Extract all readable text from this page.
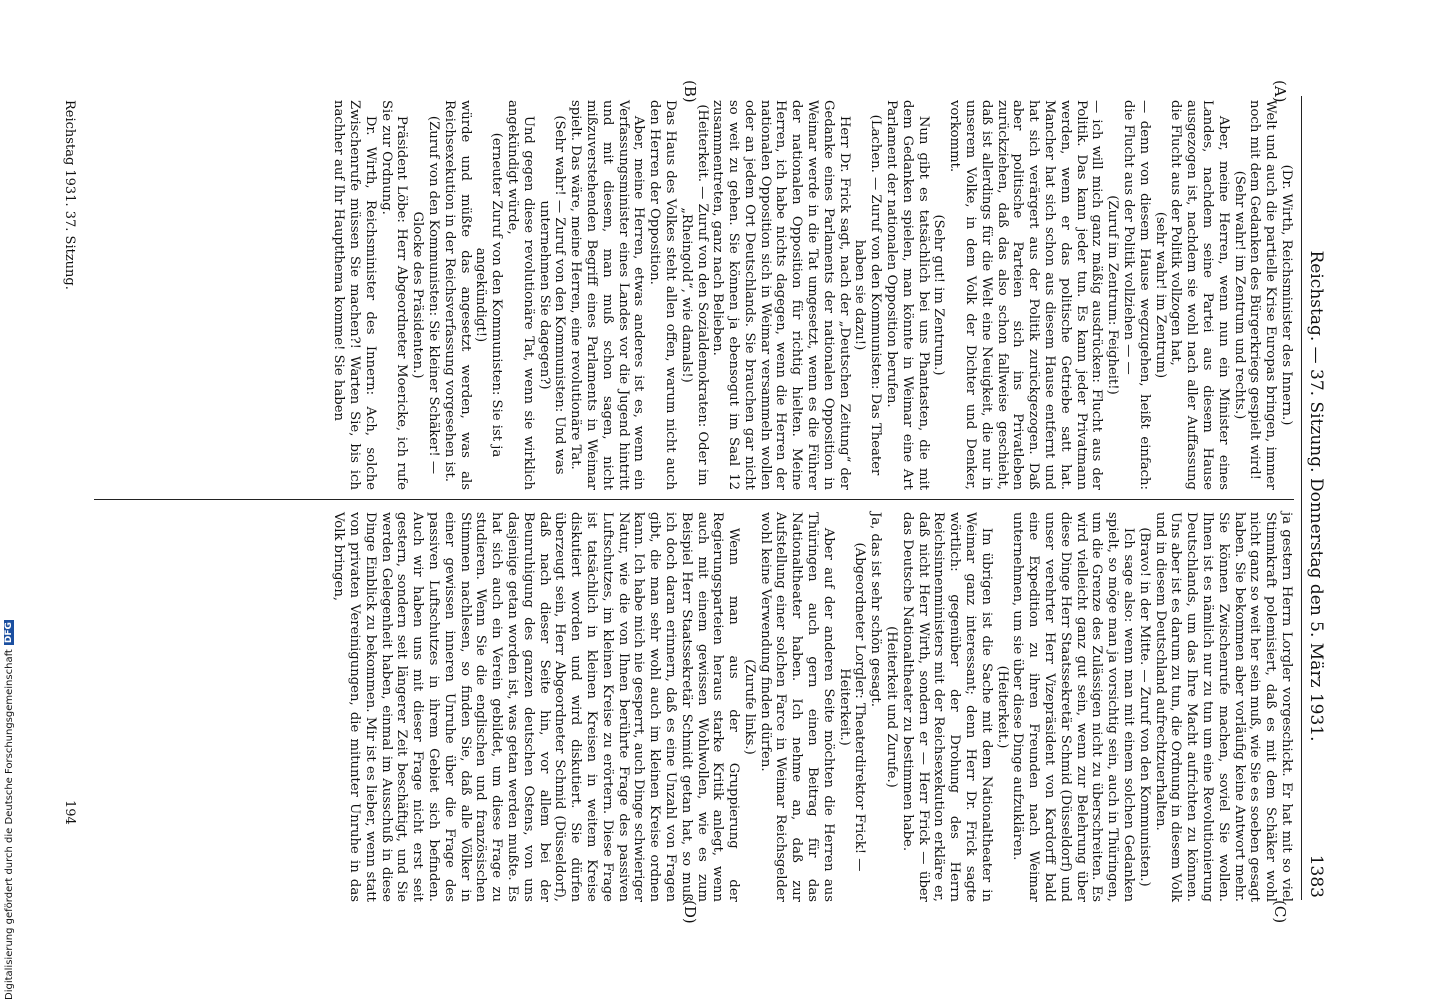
Reichstag. — 37. Sitzung. Donnerstag den 5. März 1931.
1383
(A)
(B)
(C)
(D)

(Dr. Wirth, Reichsminister des Innern.)

Welt und auch die partielle Krise Europas bringen, immer noch mit dem Gedanken des Bürgerkriegs gespielt wird!

(Sehr wahr! im Zentrum und rechts.)

Aber, meine Herren, wenn nun ein Minister eines Landes, nachdem seine Partei aus diesem Hause ausgezogen ist, nachdem sie wohl nach aller Auffassung die Flucht aus der Politik vollzogen hat,

(sehr wahr! im Zentrum)

— denn von diesem Hause wegzugehen, heißt einfach: die Flucht aus der Politik vollziehen — —

(Zuruf im Zentrum: Feigheit!)

— ich will mich ganz mäßig ausdrücken: Flucht aus der Politik. Das kann jeder tun. Es kann jeder Privatmann werden, wenn er das politische Getriebe satt hat. Mancher hat sich schon aus diesem Hause entfernt und hat sich verärgert aus der Politik zurückgezogen. Daß aber politische Parteien sich ins Privatleben zurückziehen, daß das also schon fallweise geschieht, daß ist allerdings für die Welt eine Neuigkeit, die nur in unserem Volke, in dem Volk der Dichter und Denker, vorkommt.

(Sehr gut! im Zentrum.)

Nun gibt es tatsächlich bei uns Phantasten, die mit dem Gedanken spielen, man könnte in Weimar eine Art Parlament der nationalen Opposition berufen.

(Lachen. — Zuruf von den Kommunisten: Das Theater haben sie dazu!)

Herr Dr. Frick sagt, nach der „Deutschen Zeitung“ der Gedanke eines Parlaments der nationalen Opposition in Weimar werde in die Tat umgesetzt, wenn es die Führer der nationalen Opposition für richtig hielten. Meine Herren, ich habe nichts dagegen, wenn die Herren der nationalen Opposition sich in Weimar versammeln wollen oder an jedem Ort Deutschlands. Sie brauchen gar nicht so weit zu gehen. Sie können ja ebensogut im Saal 12 zusammentreten, ganz nach Belieben.

(Heiterkeit. — Zuruf von den Sozialdemokraten: Oder im „Rheingold“, wie damals!)

Das Haus des Volkes steht allen offen, warum nicht auch den Herren der Opposition.

Aber, meine Herren, etwas anderes ist es, wenn ein Verfassungsminister eines Landes vor die Jugend hintritt und mit diesem, man muß schon sagen, nicht mißzuverstehenden Begriff eines Parlaments in Weimar spielt. Das wäre, meine Herren, eine revolutionäre Tat.

(Sehr wahr! — Zuruf von den Kommunisten: Und was unternehmen Sie dagegen?)

Und gegen diese revolutionäre Tat, wenn sie wirklich angekündigt würde,

(erneuter Zuruf von den Kommunisten: Sie ist ja angekündigt!)

würde und müßte das angesetzt werden, was als Reichsexekution in der Reichsverfassung vorgesehen ist.

(Zuruf von den Kommunisten: Sie kleiner Schäker! — Glocke des Präsidenten.)

Präsident Löbe: Herr Abgeordneter Moericke, ich rufe Sie zur Ordnung.

Dr. Wirth, Reichsminister des Innern: Ach, solche Zwischenrufe müssen Sie machen?! Warten Sie, bis ich nachher auf Ihr Hauptthema komme! Sie haben

ja gestern Herrn Lorgler vorgeschickt. Er hat mit so viel Stimmkraft polemisiert, daß es mit dem Schäker wohl nicht ganz so weit her sein muß, wie Sie es soeben gesagt haben. Sie bekommen aber vorläufig keine Antwort mehr. Sie können Zwischenrufe machen, soviel Sie wollen. Ihnen ist es nämlich nur zu tun um eine Revolutionierung Deutschlands, um das Ihre Macht aufrichten zu können. Uns aber ist es darum zu tun, die Ordnung in diesem Volk und in diesem Deutschland aufrechtzuerhalten.

(Bravo! in der Mitte. — Zuruf von den Kommunisten.)

Ich sage also: wenn man mit einem solchen Gedanken spielt, so möge man ja vorsichtig sein, auch in Thüringen, um die Grenze des Zulässigen nicht zu überschreiten. Es wird vielleicht ganz gut sein, wenn zur Belehrung über diese Dinge Herr Staatssekretär Schmid (Düsseldorf) und unser verehrter Herr Vizepräsident von Kardorff bald eine Expedition zu ihren Freunden nach Weimar unternehmen, um sie über diese Dinge aufzuklären.

(Heiterkeit.)

Im übrigen ist die Sache mit dem Nationaltheater in Weimar ganz interessant; denn Herr Dr. Frick sagte wörtlich: gegenüber der Drohung des Herrn Reichsinnenministers mit der Reichsexekution erkläre er, daß nicht Herr Wirth, sondern er — Herr Frick — über das Deutsche Nationaltheater zu bestimmen habe.

(Heiterkeit und Zurufe.)

Ja, das ist sehr schön gesagt.

(Abgeordneter Lorgler: Theaterdirektor Frick! — Heiterkeit.)

Aber auf der anderen Seite möchten die Herren aus Thüringen auch gern einen Beitrag für das Nationaltheater haben. Ich nehme an, daß zur Aufstellung einer solchen Farce in Weimar Reichsgelder wohl keine Verwendung finden dürfen.

(Zurufe links.)

Wenn man aus der Gruppierung der Regierungsparteien heraus starke Kritik anlegt, wenn auch mit einem gewissen Wohlwollen, wie es zum Beispiel Herr Staatssekretär Schmidt getan hat, so muß ich doch daran erinnern, daß es eine Unzahl von Fragen gibt, die man sehr wohl auch im kleinen Kreise ordnen kann. Ich habe mich nie gesperrt, auch Dinge schwieriger Natur, wie die von Ihnen berührte Frage des passiven Luftschutzes, im kleinen Kreise zu erörtern. Diese Frage ist tatsächlich in kleinen Kreisen in weitem Kreise diskutiert worden und wird diskutiert. Sie dürfen überzeugt sein, Herr Abgeordneter Schmid (Düsseldorf), daß nach dieser Seite hin, vor allem bei der Beunruhigung des ganzen deutschen Ostens, von uns dasjenige getan worden ist, was getan werden mußte. Es hat sich auch ein Verein gebildet, um diese Frage zu studieren. Wenn Sie die englischen und französischen Stimmen nachlesen, so finden Sie, daß alle Völker in einer gewissen inneren Unruhe über die Frage des passiven Luftschutzes in ihrem Gebiet sich befinden. Auch wir haben uns mit dieser Frage nicht erst seit gestern, sondern seit längerer Zeit beschäftigt, und Sie werden Gelegenheit haben, einmal im Ausschuß in diese Dinge Einblick zu bekommen. Mir ist es lieber, wenn statt von privaten Vereinigungen, die mitunter Unruhe in das Volk bringen,

Reichstag 1931. 37. Sitzung.
194
Digitalisierung gefördert durch die Deutsche Forschungsgemeinschaft
DFG
